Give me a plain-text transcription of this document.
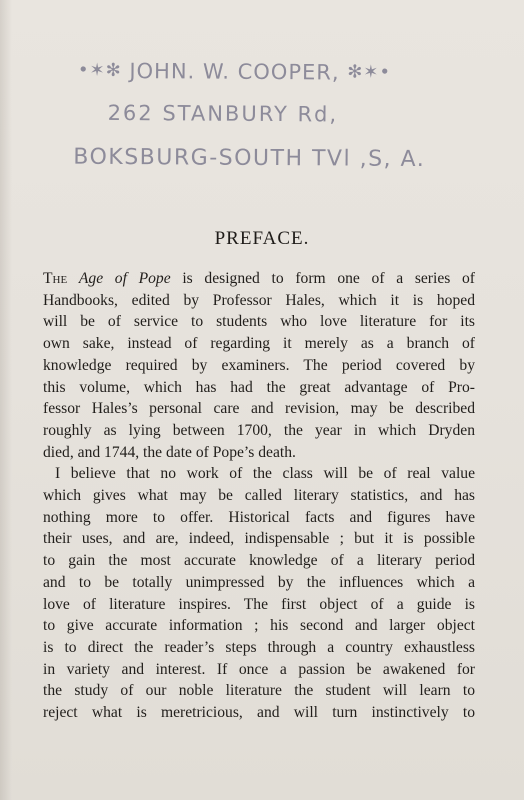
•✶✻ JOHN. W. COOPER, ✻✶•
262 STANBURY Rd,
BOKSBURG-SOUTH TVl ,S, A.
PREFACE.
The Age of Pope is designed to form one of a series of
Handbooks, edited by Professor Hales, which it is hoped
will be of service to students who love literature for its
own sake, instead of regarding it merely as a branch of
knowledge required by examiners. The period covered by
this volume, which has had the great advantage of Pro-
fessor Hales’s personal care and revision, may be described
roughly as lying between 1700, the year in which Dryden
died, and 1744, the date of Pope’s death.
I believe that no work of the class will be of real value
which gives what may be called literary statistics, and has
nothing more to offer. Historical facts and figures have
their uses, and are, indeed, indispensable ; but it is possible
to gain the most accurate knowledge of a literary period
and to be totally unimpressed by the influences which a
love of literature inspires. The first object of a guide is
to give accurate information ; his second and larger object
is to direct the reader’s steps through a country exhaustless
in variety and interest. If once a passion be awakened for
the study of our noble literature the student will learn to
reject what is meretricious, and will turn instinctively to
